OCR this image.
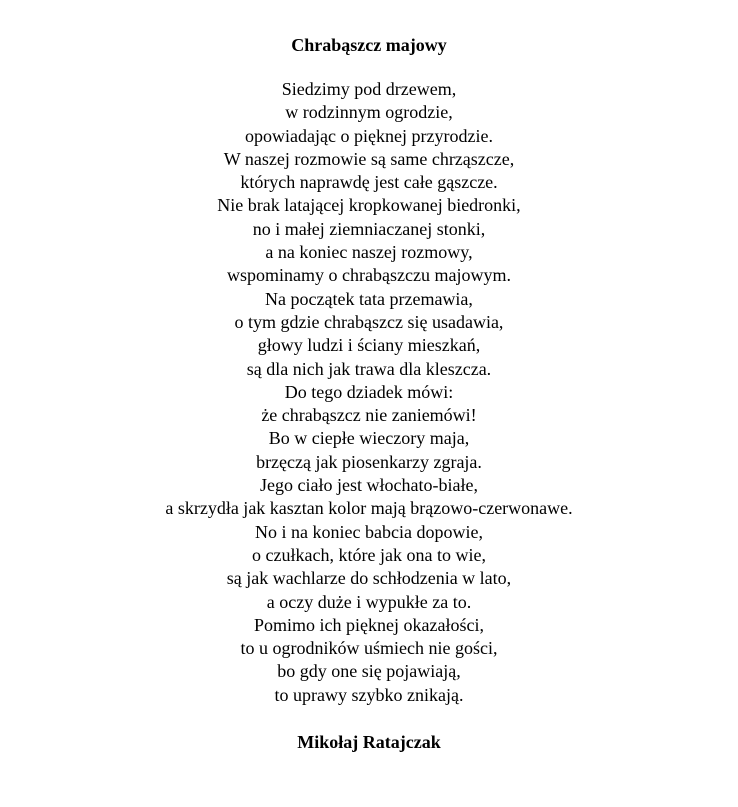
Chrabąszcz majowy
Siedzimy pod drzewem,
w rodzinnym ogrodzie,
opowiadając o pięknej przyrodzie.
W naszej rozmowie są same chrząszcze,
których naprawdę jest całe gąszcze.
Nie brak latającej kropkowanej biedronki,
no i małej ziemniaczanej stonki,
a na koniec naszej rozmowy,
wspominamy o chrabąszczu majowym.
Na początek tata przemawia,
o tym gdzie chrabąszcz się usadawia,
głowy ludzi i ściany mieszkań,
są dla nich jak trawa dla kleszcza.
Do tego dziadek mówi:
że chrabąszcz nie zaniemówi!
Bo w ciepłe wieczory maja,
brzęczą jak piosenkarzy zgraja.
Jego ciało jest włochato-białe,
a skrzydła jak kasztan kolor mają brązowo-czerwonawe.
No i na koniec babcia dopowie,
o czułkach, które jak ona to wie,
są jak wachlarze do schłodzenia w lato,
a oczy duże i wypukłe za to.
Pomimo ich pięknej okazałości,
to u ogrodników uśmiech nie gości,
bo gdy one się pojawiają,
to uprawy szybko znikają.
Mikołaj Ratajczak
